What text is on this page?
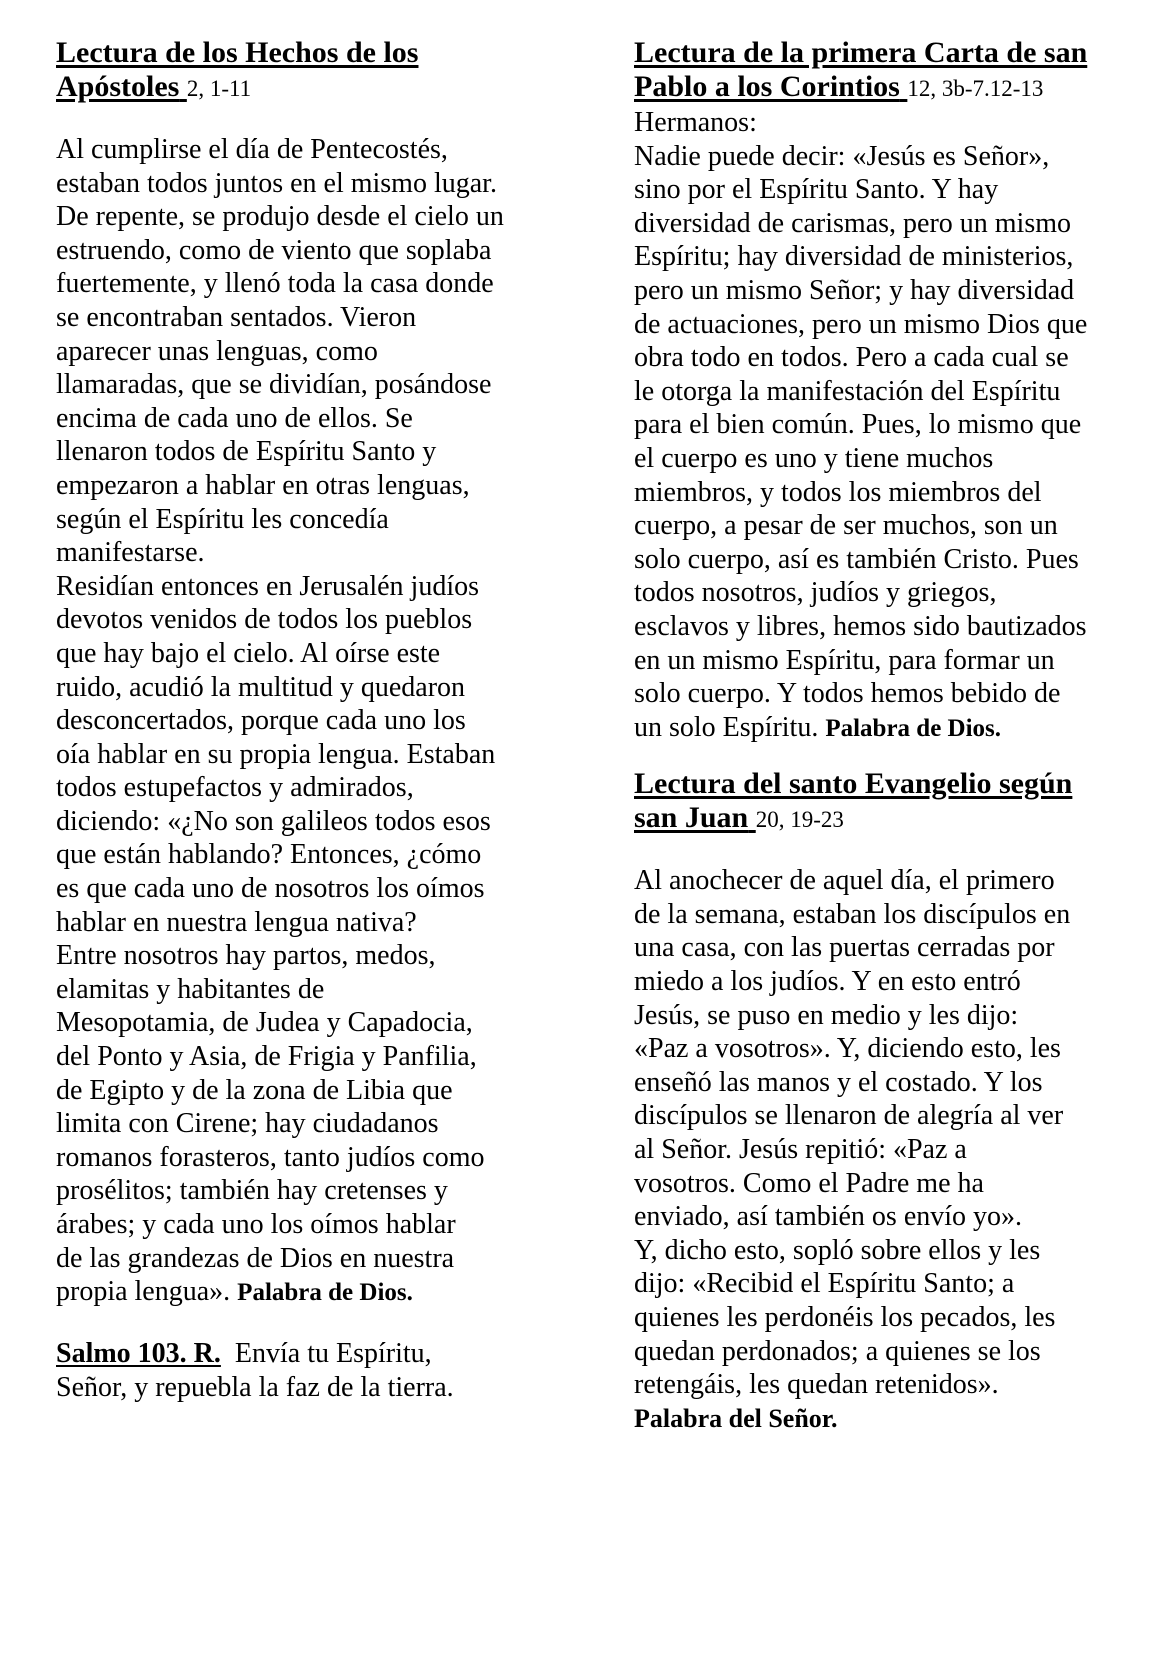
Lectura de los Hechos de los
Apóstoles 2, 1-11

Al cumplirse el día de Pentecostés,
estaban todos juntos en el mismo lugar.
De repente, se produjo desde el cielo un
estruendo, como de viento que soplaba
fuertemente, y llenó toda la casa donde
se encontraban sentados. Vieron
aparecer unas lenguas, como
llamaradas, que se dividían, posándose
encima de cada uno de ellos. Se
llenaron todos de Espíritu Santo y
empezaron a hablar en otras lenguas,
según el Espíritu les concedía
manifestarse.
Residían entonces en Jerusalén judíos
devotos venidos de todos los pueblos
que hay bajo el cielo. Al oírse este
ruido, acudió la multitud y quedaron
desconcertados, porque cada uno los
oía hablar en su propia lengua. Estaban
todos estupefactos y admirados,
diciendo: «¿No son galileos todos esos
que están hablando? Entonces, ¿cómo
es que cada uno de nosotros los oímos
hablar en nuestra lengua nativa?
Entre nosotros hay partos, medos,
elamitas y habitantes de
Mesopotamia, de Judea y Capadocia,
del Ponto y Asia, de Frigia y Panfilia,
de Egipto y de la zona de Libia que
limita con Cirene; hay ciudadanos
romanos forasteros, tanto judíos como
prosélitos; también hay cretenses y
árabes; y cada uno los oímos hablar
de las grandezas de Dios en nuestra

propia lengua». Palabra de Dios.

Salmo 103. R. Envía tu Espíritu,
Señor, y repuebla la faz de la tierra.

Lectura de la primera Carta de san
Pablo a los Corintios 12, 3b-7.12-13

Hermanos:
Nadie puede decir: «Jesús es Señor»,
sino por el Espíritu Santo. Y hay
diversidad de carismas, pero un mismo
Espíritu; hay diversidad de ministerios,
pero un mismo Señor; y hay diversidad
de actuaciones, pero un mismo Dios que
obra todo en todos. Pero a cada cual se
le otorga la manifestación del Espíritu
para el bien común. Pues, lo mismo que
el cuerpo es uno y tiene muchos
miembros, y todos los miembros del
cuerpo, a pesar de ser muchos, son un
solo cuerpo, así es también Cristo. Pues
todos nosotros, judíos y griegos,
esclavos y libres, hemos sido bautizados
en un mismo Espíritu, para formar un
solo cuerpo. Y todos hemos bebido de

un solo Espíritu. Palabra de Dios.

Lectura del santo Evangelio según
san Juan 20, 19-23

Al anochecer de aquel día, el primero
de la semana, estaban los discípulos en
una casa, con las puertas cerradas por
miedo a los judíos. Y en esto entró
Jesús, se puso en medio y les dijo:
«Paz a vosotros». Y, diciendo esto, les
enseñó las manos y el costado. Y los
discípulos se llenaron de alegría al ver
al Señor. Jesús repitió: «Paz a
vosotros. Como el Padre me ha
enviado, así también os envío yo».
Y, dicho esto, sopló sobre ellos y les
dijo: «Recibid el Espíritu Santo; a
quienes les perdonéis los pecados, les
quedan perdonados; a quienes se los
retengáis, les quedan retenidos».

Palabra del Señor.
